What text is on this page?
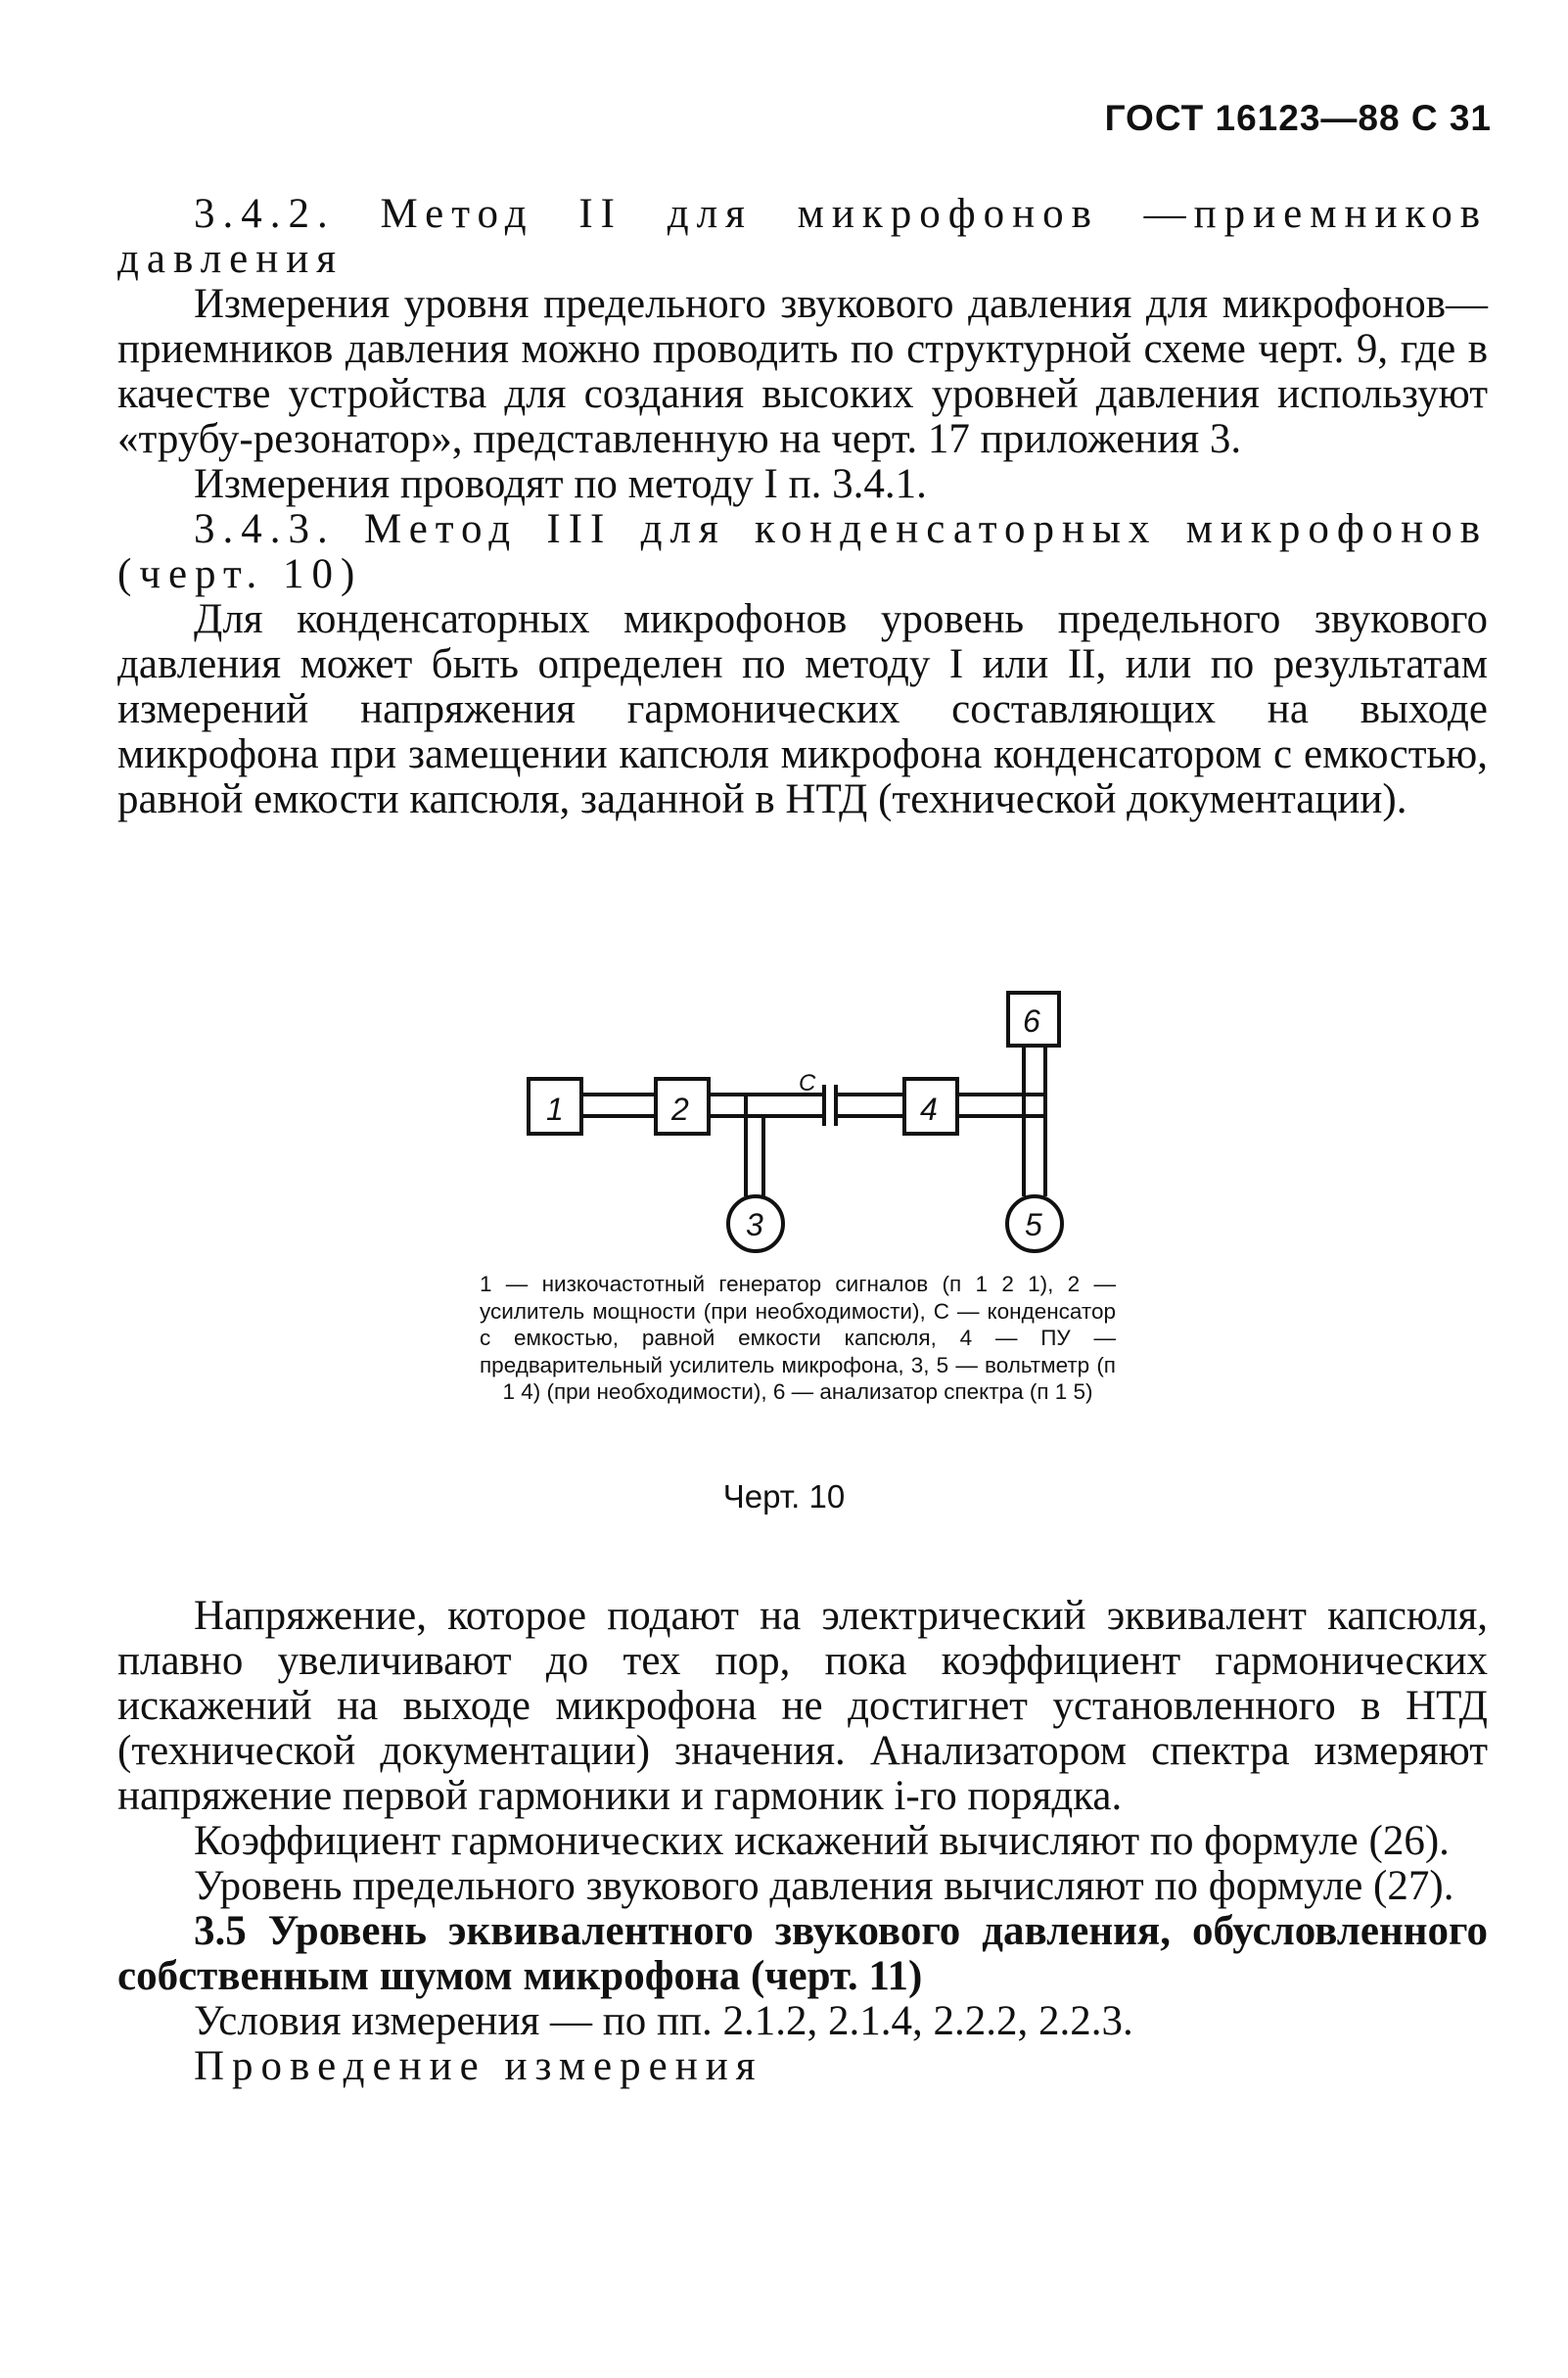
ГОСТ 16123—88 С 31

3.4.2. Метод II для микрофонов —приемников давления

Измерения уровня предельного звукового давления для микрофонов—приемников давления можно проводить по структурной схеме черт. 9, где в качестве устройства для создания высоких уровней давления используют «трубу-резонатор», представленную на черт. 17 приложения 3.

Измерения проводят по методу I п. 3.4.1.

3.4.3. Метод III для конденсаторных микрофонов (черт. 10)

Для конденсаторных микрофонов уровень предельного звукового давления может быть определен по методу I или II, или по результатам измерений напряжения гармонических составляющих на выходе микрофона при замещении капсюля микрофона конденсатором с емкостью, равной емкости капсюля, заданной в НТД (технической документации).

1	2	4
6
3	5
C

1 — низкочастотный генератор сигналов (п 1 2 1), 2 — усилитель мощности (при необходимости), С — конденсатор с емкостью, равной емкости капсюля, 4 — ПУ — предварительный усилитель микрофона, 3, 5 — вольтметр (п 1 4) (при необходимости), 6 — анализатор спектра (п 1 5)

Черт. 10

Напряжение, которое подают на электрический эквивалент капсюля, плавно увеличивают до тех пор, пока коэффициент гармонических искажений на выходе микрофона не достигнет установленного в НТД (технической документации) значения. Анализатором спектра измеряют напряжение первой гармоники и гармоник i-го порядка.

Коэффициент гармонических искажений вычисляют по формуле (26).

Уровень предельного звукового давления вычисляют по формуле (27).

3.5 Уровень эквивалентного звукового давления, обусловленного собственным шумом микрофона (черт. 11)

Условия измерения — по пп. 2.1.2, 2.1.4, 2.2.2, 2.2.3.

Проведение измерения
